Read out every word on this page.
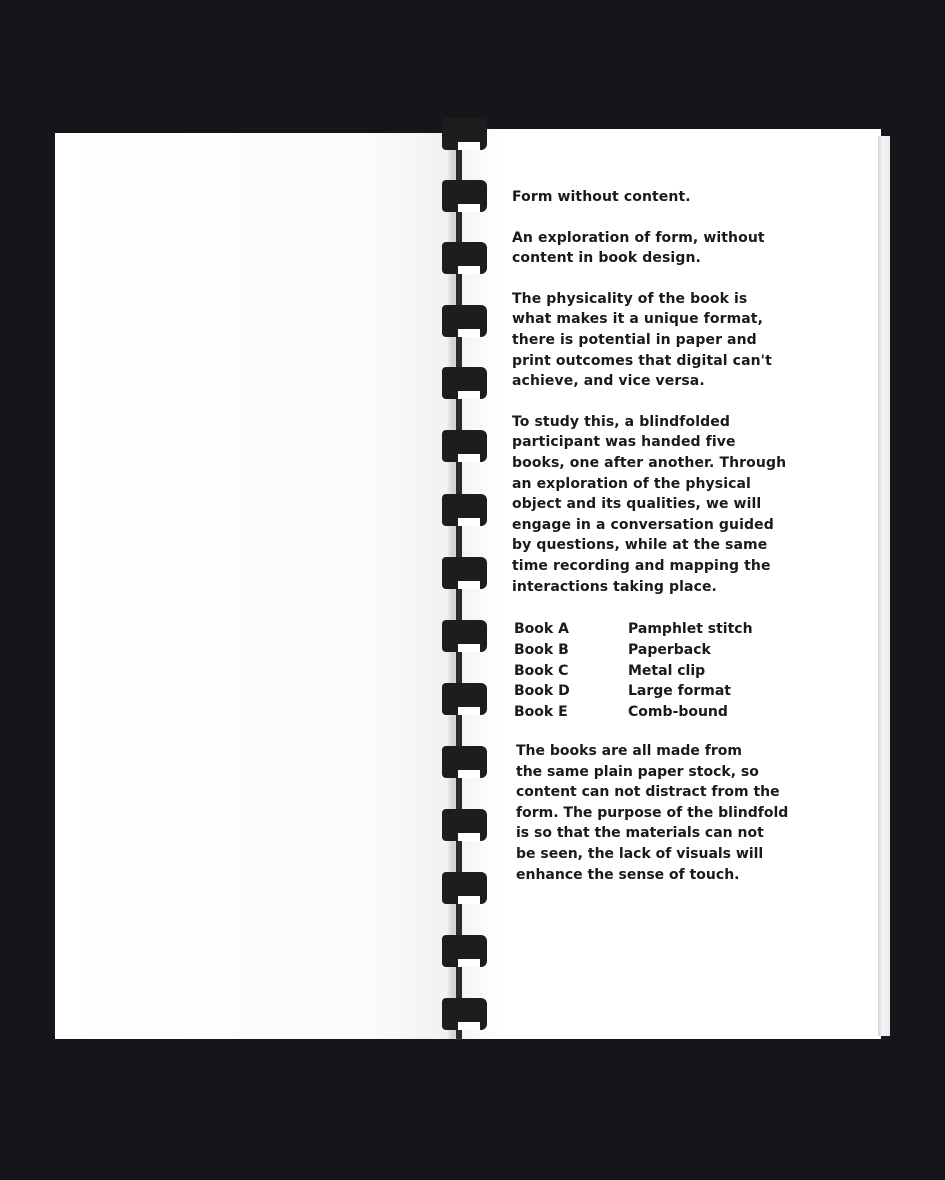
Form without content.

An exploration of form, without
content in book design.

The physicality of the book is
what makes it a unique format,
there is potential in paper and
print outcomes that digital can't
achieve, and vice versa.

To study this, a blindfolded
participant was handed five
books, one after another. Through
an exploration of the physical
object and its qualities, we will
engage in a conversation guided
by questions, while at the same
time recording and mapping the
interactions taking place.

Book A	Pamphlet stitch
Book B	Paperback
Book C	Metal clip
Book D	Large format
Book E	Comb-bound

The books are all made from
the same plain paper stock, so
content can not distract from the
form. The purpose of the blindfold
is so that the materials can not
be seen, the lack of visuals will
enhance the sense of touch.
